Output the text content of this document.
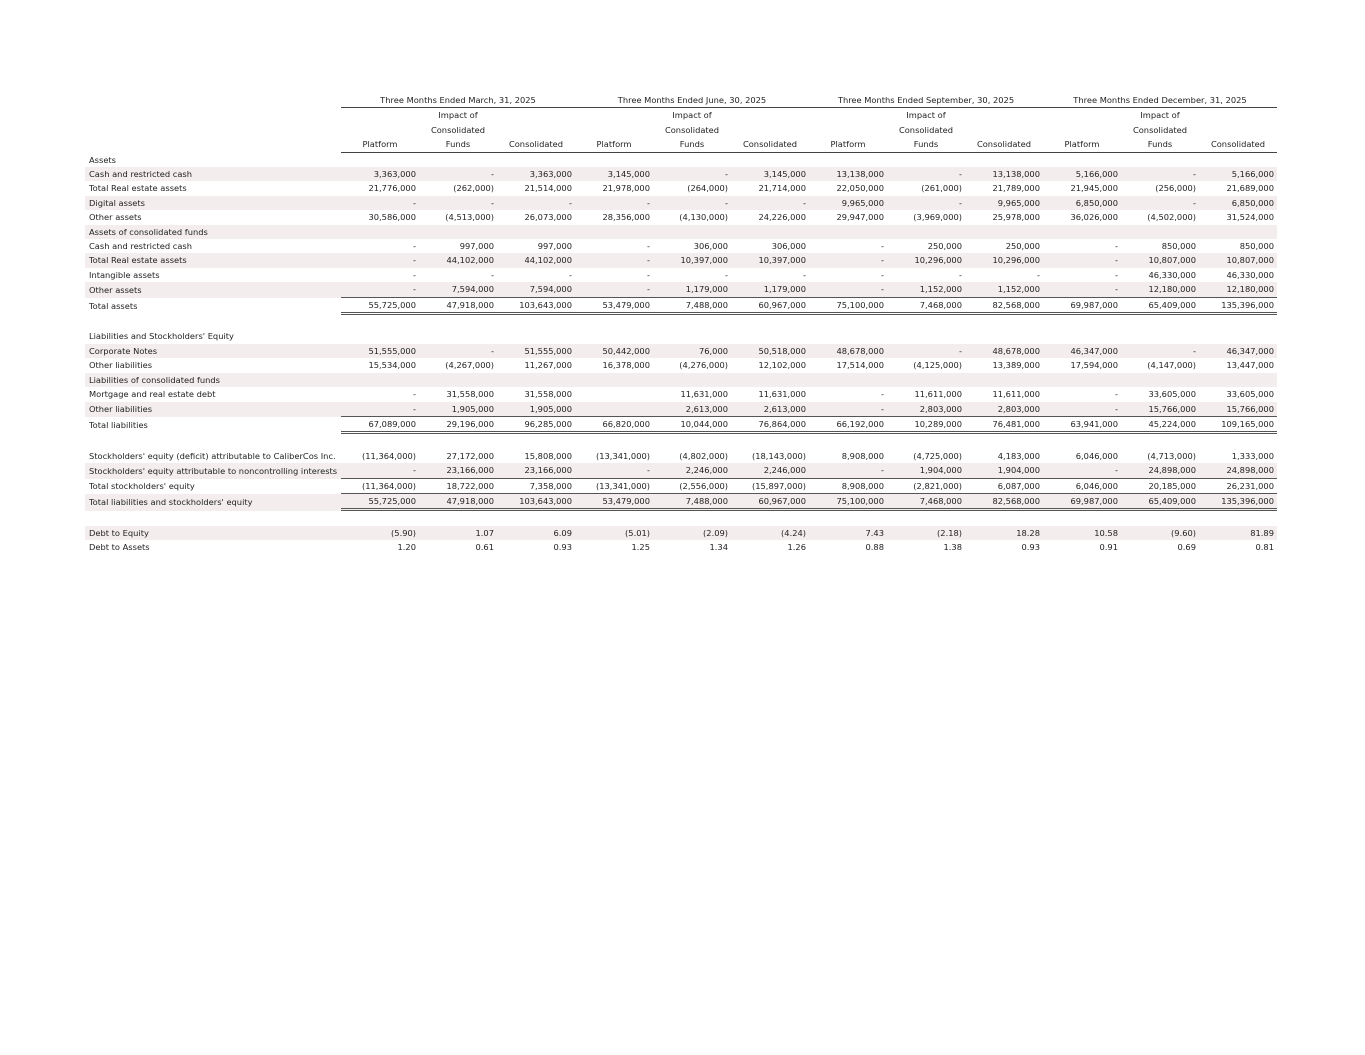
	Three Months Ended March, 31, 2025			Three Months Ended June, 30, 2025			Three Months Ended September, 30, 2025			Three Months Ended December, 31, 2025		
		Impact of			Impact of			Impact of			Impact of	
		Consolidated			Consolidated			Consolidated			Consolidated	
	Platform	Funds	Consolidated	Platform	Funds	Consolidated	Platform	Funds	Consolidated	Platform	Funds	Consolidated
Assets												
Cash and restricted cash	3,363,000	-	3,363,000	3,145,000	-	3,145,000	13,138,000	-	13,138,000	5,166,000	-	5,166,000
Total Real estate assets	21,776,000	(262,000)	21,514,000	21,978,000	(264,000)	21,714,000	22,050,000	(261,000)	21,789,000	21,945,000	(256,000)	21,689,000
Digital assets	-	-	-	-	-	-	9,965,000	-	9,965,000	6,850,000	-	6,850,000
Other assets	30,586,000	(4,513,000)	26,073,000	28,356,000	(4,130,000)	24,226,000	29,947,000	(3,969,000)	25,978,000	36,026,000	(4,502,000)	31,524,000
Assets of consolidated funds												
Cash and restricted cash	-	997,000	997,000	-	306,000	306,000	-	250,000	250,000	-	850,000	850,000
Total Real estate assets	-	44,102,000	44,102,000	-	10,397,000	10,397,000	-	10,296,000	10,296,000	-	10,807,000	10,807,000
Intangible assets	-	-	-	-	-	-	-	-	-	-	46,330,000	46,330,000
Other assets	-	7,594,000	7,594,000	-	1,179,000	1,179,000	-	1,152,000	1,152,000	-	12,180,000	12,180,000
Total assets	55,725,000	47,918,000	103,643,000	53,479,000	7,488,000	60,967,000	75,100,000	7,468,000	82,568,000	69,987,000	65,409,000	135,396,000

Liabilities and Stockholders' Equity												
Corporate Notes	51,555,000	-	51,555,000	50,442,000	76,000	50,518,000	48,678,000	-	48,678,000	46,347,000	-	46,347,000
Other liabilities	15,534,000	(4,267,000)	11,267,000	16,378,000	(4,276,000)	12,102,000	17,514,000	(4,125,000)	13,389,000	17,594,000	(4,147,000)	13,447,000
Liabilities of consolidated funds												
Mortgage and real estate debt	-	31,558,000	31,558,000		11,631,000	11,631,000	-	11,611,000	11,611,000	-	33,605,000	33,605,000
Other liabilities	-	1,905,000	1,905,000		2,613,000	2,613,000	-	2,803,000	2,803,000	-	15,766,000	15,766,000
Total liabilities	67,089,000	29,196,000	96,285,000	66,820,000	10,044,000	76,864,000	66,192,000	10,289,000	76,481,000	63,941,000	45,224,000	109,165,000

Stockholders' equity (deficit) attributable to CaliberCos Inc.	(11,364,000)	27,172,000	15,808,000	(13,341,000)	(4,802,000)	(18,143,000)	8,908,000	(4,725,000)	4,183,000	6,046,000	(4,713,000)	1,333,000
Stockholders' equity attributable to noncontrolling interests	-	23,166,000	23,166,000	-	2,246,000	2,246,000	-	1,904,000	1,904,000	-	24,898,000	24,898,000
Total stockholders' equity	(11,364,000)	18,722,000	7,358,000	(13,341,000)	(2,556,000)	(15,897,000)	8,908,000	(2,821,000)	6,087,000	6,046,000	20,185,000	26,231,000
Total liabilities and stockholders' equity	55,725,000	47,918,000	103,643,000	53,479,000	7,488,000	60,967,000	75,100,000	7,468,000	82,568,000	69,987,000	65,409,000	135,396,000

Debt to Equity	(5.90)	1.07	6.09	(5.01)	(2.09)	(4.24)	7.43	(2.18)	18.28	10.58	(9.60)	81.89
Debt to Assets	1.20	0.61	0.93	1.25	1.34	1.26	0.88	1.38	0.93	0.91	0.69	0.81
